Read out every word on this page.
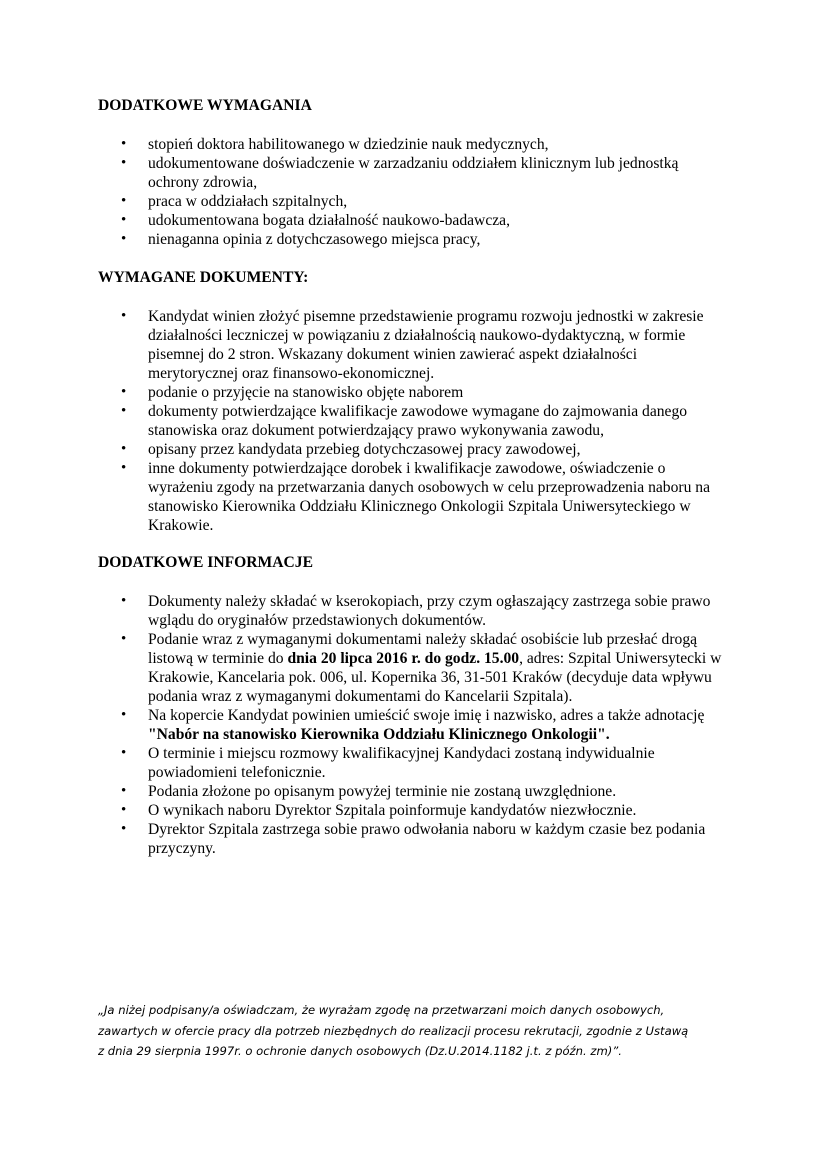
DODATKOWE WYMAGANIA
• stopień doktora habilitowanego w dziedzinie nauk medycznych,
• udokumentowane doświadczenie w zarzadzaniu oddziałem klinicznym lub jednostką ochrony zdrowia,
• praca w oddziałach szpitalnych,
• udokumentowana bogata działalność naukowo-badawcza,
• nienaganna opinia z dotychczasowego miejsca pracy,
WYMAGANE DOKUMENTY:
• Kandydat winien złożyć pisemne przedstawienie programu rozwoju jednostki w zakresie działalności leczniczej w powiązaniu z działalnością naukowo-dydaktyczną, w formie pisemnej do 2 stron. Wskazany dokument winien zawierać aspekt działalności merytorycznej oraz finansowo-ekonomicznej.
• podanie o przyjęcie na stanowisko objęte naborem
• dokumenty potwierdzające kwalifikacje zawodowe wymagane do zajmowania danego stanowiska oraz dokument potwierdzający prawo wykonywania zawodu,
• opisany przez kandydata przebieg dotychczasowej pracy zawodowej,
• inne dokumenty potwierdzające dorobek i kwalifikacje zawodowe, oświadczenie o wyrażeniu zgody na przetwarzania danych osobowych w celu przeprowadzenia naboru na stanowisko Kierownika Oddziału Klinicznego Onkologii Szpitala Uniwersyteckiego w Krakowie.
DODATKOWE INFORMACJE
• Dokumenty należy składać w kserokopiach, przy czym ogłaszający zastrzega sobie prawo wglądu do oryginałów przedstawionych dokumentów.
• Podanie wraz z wymaganymi dokumentami należy składać osobiście lub przesłać drogą listową w terminie do dnia 20 lipca 2016 r. do godz. 15.00, adres: Szpital Uniwersytecki w Krakowie, Kancelaria pok. 006, ul. Kopernika 36, 31-501 Kraków (decyduje data wpływu podania wraz z wymaganymi dokumentami do Kancelarii Szpitala).
• Na kopercie Kandydat powinien umieścić swoje imię i nazwisko, adres a także adnotację "Nabór na stanowisko Kierownika Oddziału Klinicznego Onkologii".
• O terminie i miejscu rozmowy kwalifikacyjnej Kandydaci zostaną indywidualnie powiadomieni telefonicznie.
• Podania złożone po opisanym powyżej terminie nie zostaną uwzględnione.
• O wynikach naboru Dyrektor Szpitala poinformuje kandydatów niezwłocznie.
• Dyrektor Szpitala zastrzega sobie prawo odwołania naboru w każdym czasie bez podania przyczyny.
„Ja niżej podpisany/a oświadczam, że wyrażam zgodę na przetwarzani moich danych osobowych,
zawartych w ofercie pracy dla potrzeb niezbędnych do realizacji procesu rekrutacji, zgodnie z Ustawą
z dnia 29 sierpnia 1997r. o ochronie danych osobowych (Dz.U.2014.1182 j.t. z późn. zm)”.
